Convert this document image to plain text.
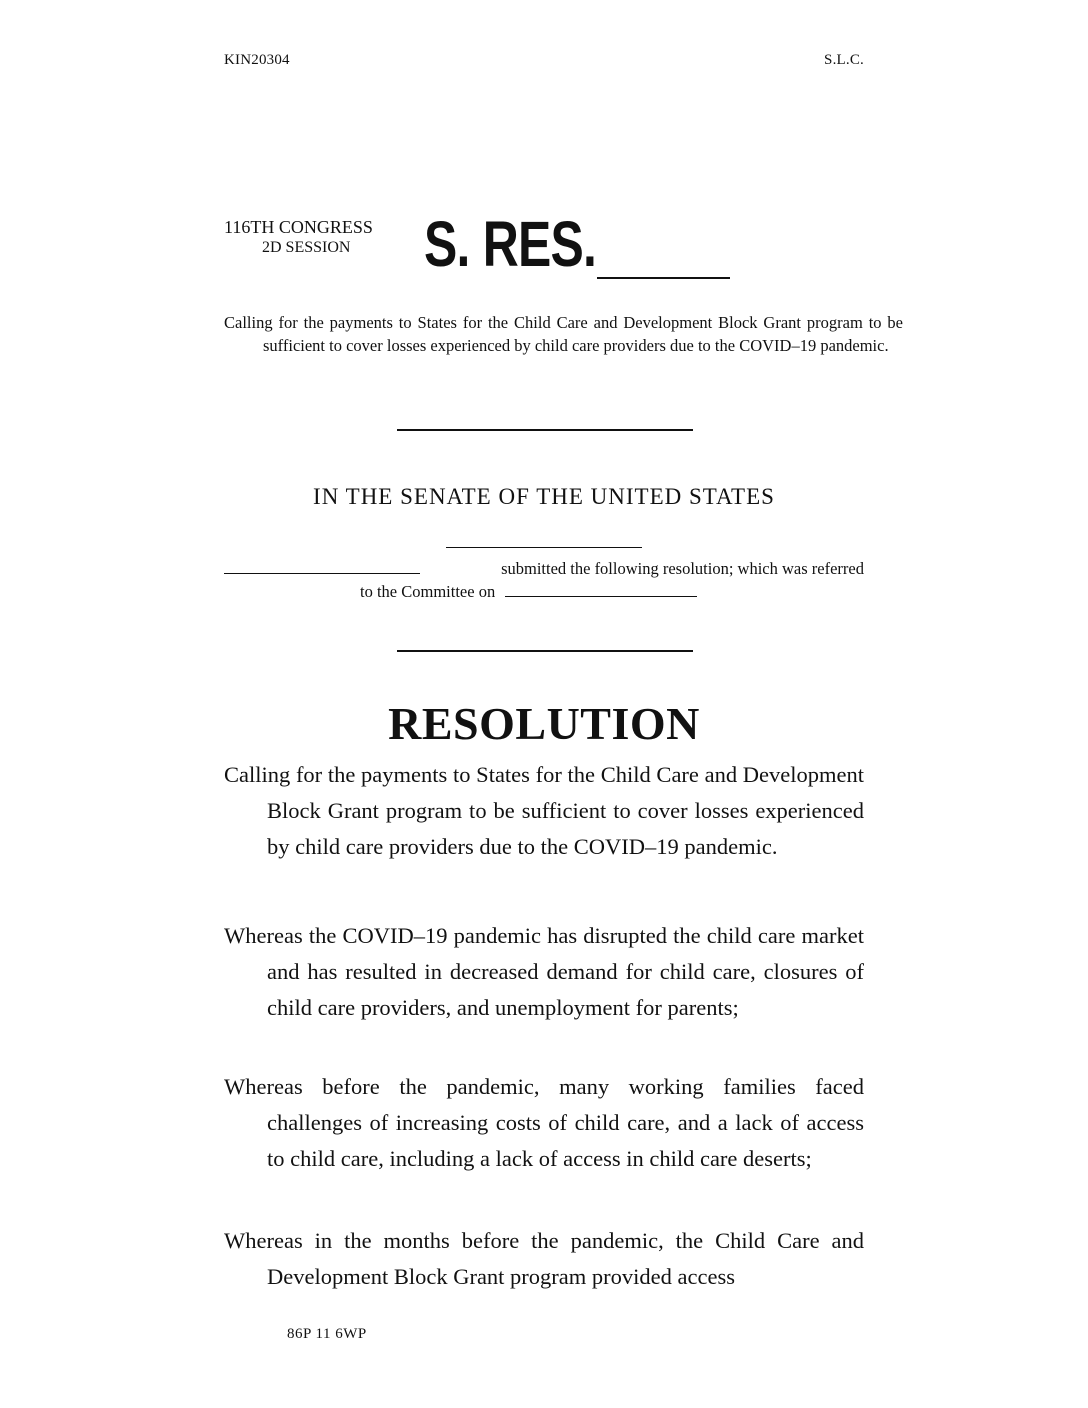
KIN20304	S.L.C.
116TH CONGRESS
2D SESSION S. RES.
Calling for the payments to States for the Child Care and Development Block Grant program to be sufficient to cover losses experienced by child care providers due to the COVID–19 pandemic.
IN THE SENATE OF THE UNITED STATES
submitted the following resolution; which was referred
to the Committee on
RESOLUTION
Calling for the payments to States for the Child Care and Development Block Grant program to be sufficient to cover losses experienced by child care providers due to the COVID–19 pandemic.
Whereas the COVID–19 pandemic has disrupted the child care market and has resulted in decreased demand for child care, closures of child care providers, and unemployment for parents;
Whereas before the pandemic, many working families faced challenges of increasing costs of child care, and a lack of access to child care, including a lack of access in child care deserts;
Whereas in the months before the pandemic, the Child Care and Development Block Grant program provided access
86P 11 6WP
